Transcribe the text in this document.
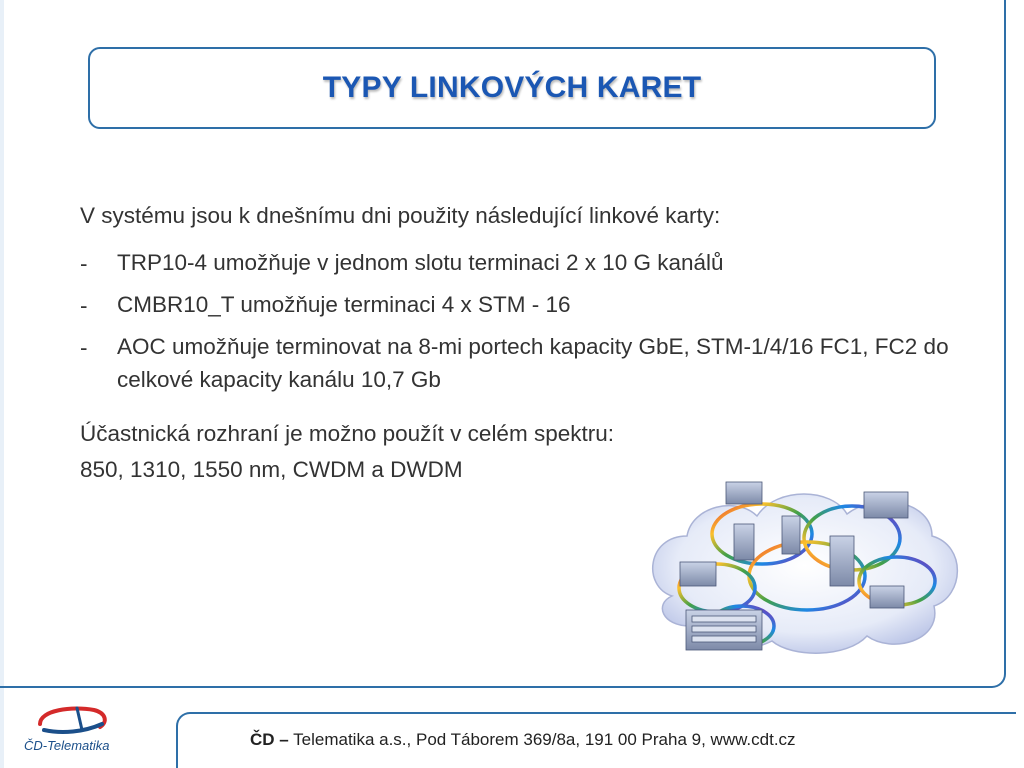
TYPY LINKOVÝCH KARET

V systému jsou k dnešnímu dni použity následující linkové karty:

-	TRP10-4 umožňuje v jednom slotu terminaci 2 x 10 G kanálů
-	CMBR10_T umožňuje terminaci 4 x STM - 16
-	AOC umožňuje terminovat na 8-mi portech kapacity GbE, STM-1/4/16 FC1, FC2 do celkové kapacity kanálu 10,7 Gb

Účastnická rozhraní je možno použít v celém spektru:

850, 1310, 1550 nm, CWDM a DWDM

ČD – Telematika a.s., Pod Táborem 369/8a, 191 00 Praha 9, www.cdt.cz
ČD-Telematika
